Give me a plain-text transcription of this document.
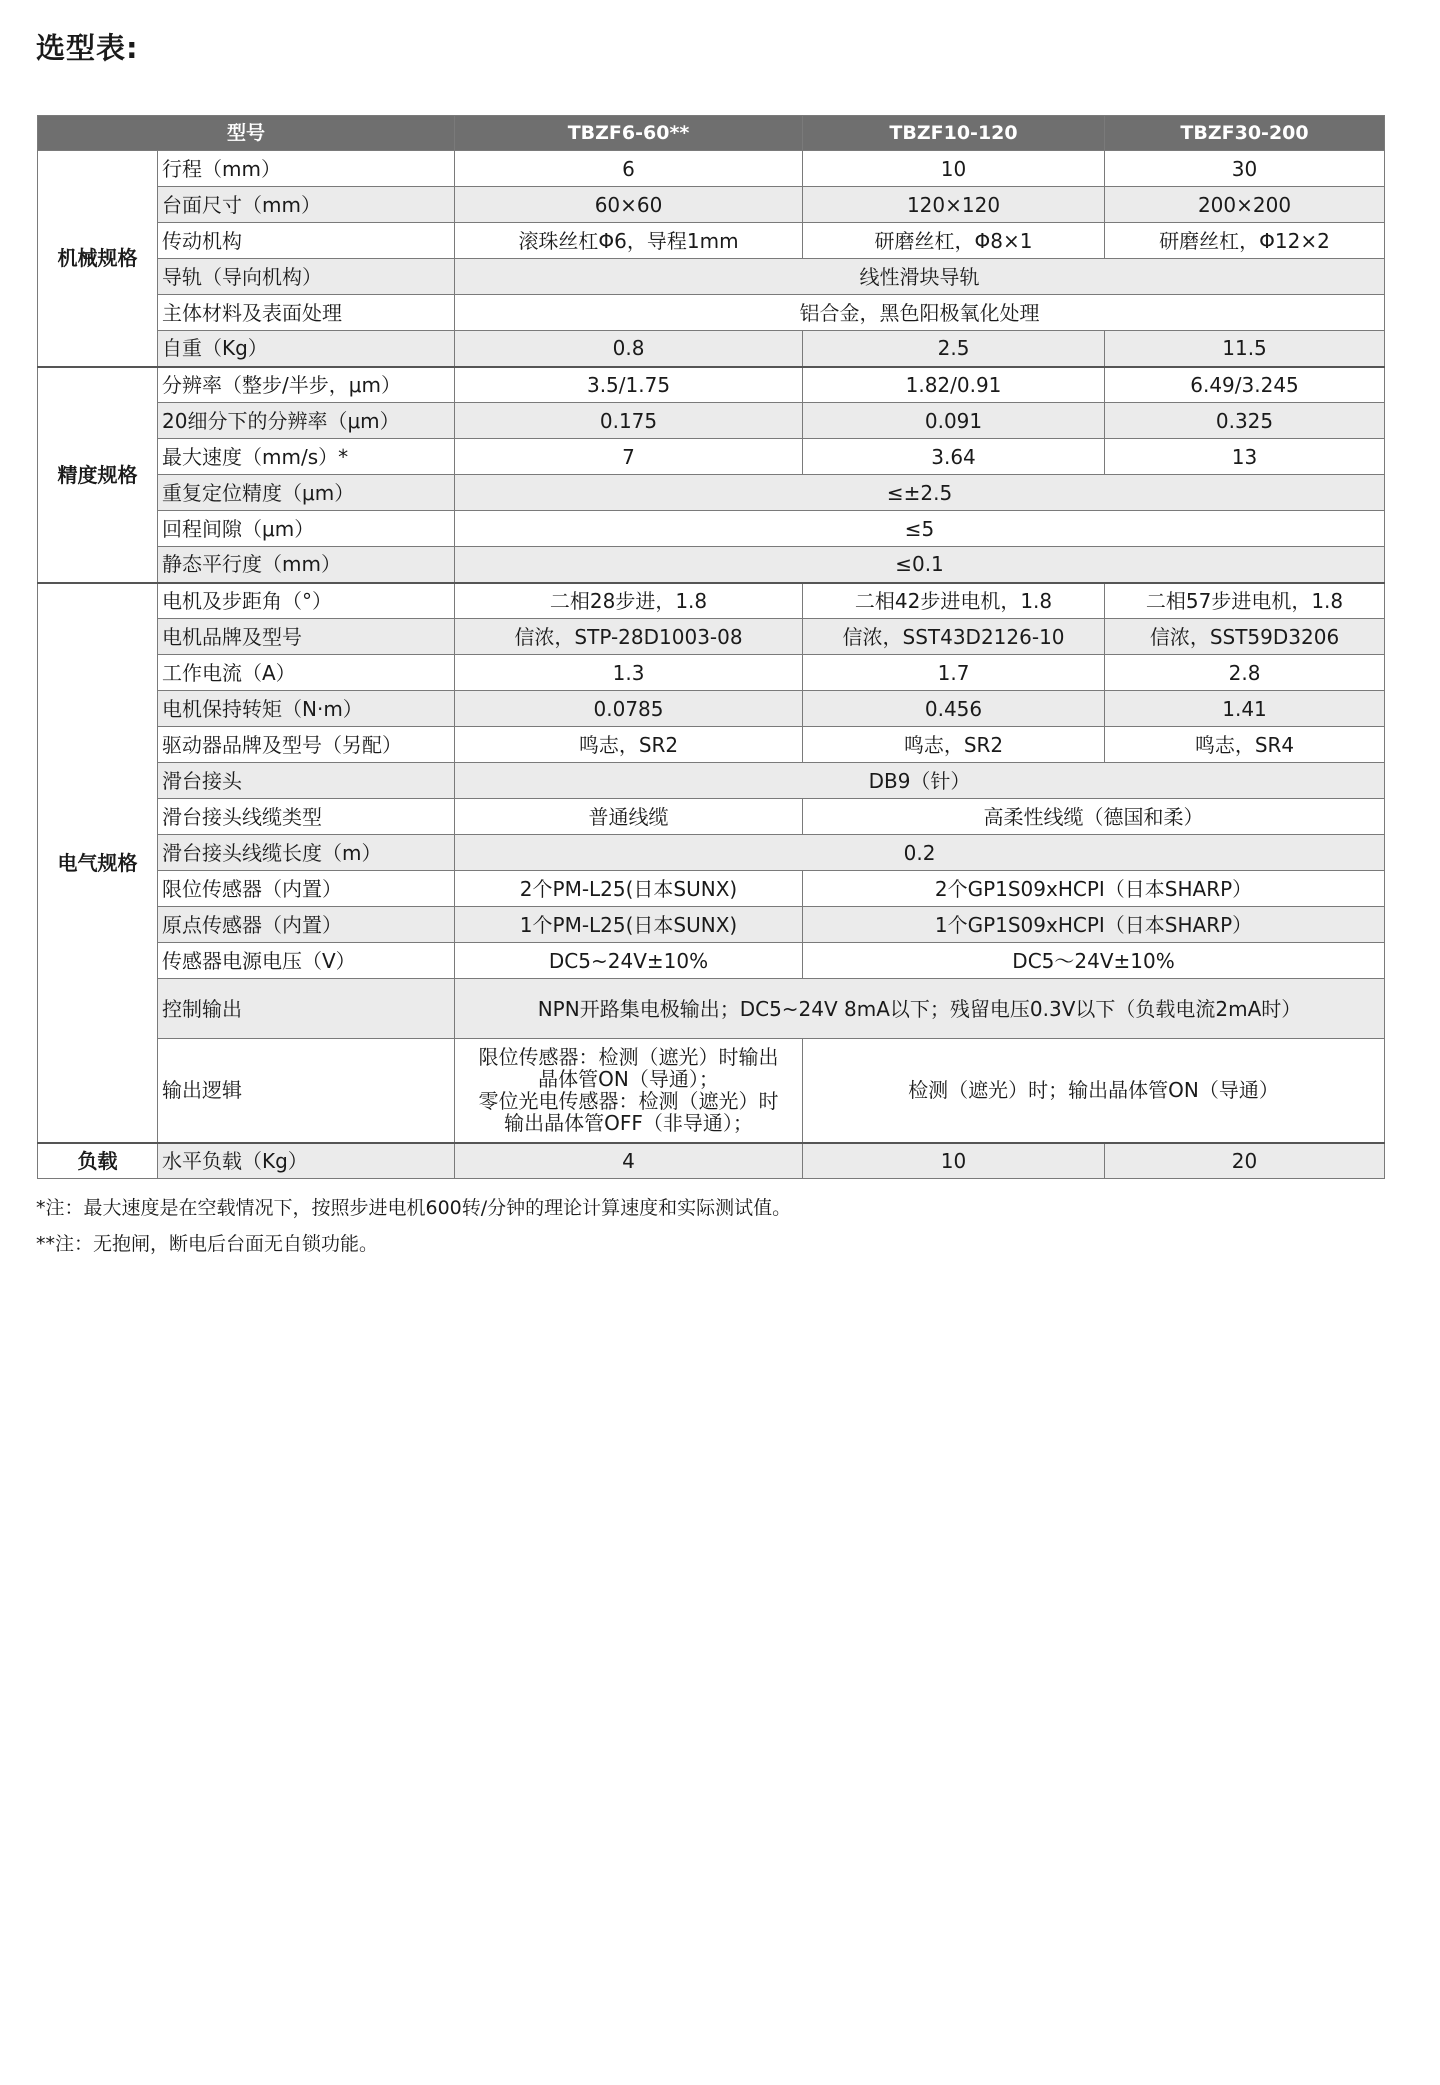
选型表:
型号		TBZF6-60**	TBZF10-120	TBZF30-200
机械规格	行程（mm）	6	10	30
	台面尺寸（mm）	60×60	120×120	200×200
	传动机构	滚珠丝杠Φ6，导程1mm	研磨丝杠，Φ8×1	研磨丝杠，Φ12×2
	导轨（导向机构）	线性滑块导轨		
	主体材料及表面处理	铝合金，黑色阳极氧化处理		
	自重（Kg）	0.8	2.5	11.5
精度规格	分辨率（整步/半步，μm）	3.5/1.75	1.82/0.91	6.49/3.245
	20细分下的分辨率（μm）	0.175	0.091	0.325
	最大速度（mm/s）*	7	3.64	13
	重复定位精度（μm）	≤±2.5		
	回程间隙（μm）	≤5		
	静态平行度（mm）	≤0.1		
电气规格	电机及步距角（°）	二相28步进，1.8	二相42步进电机，1.8	二相57步进电机，1.8
	电机品牌及型号	信浓，STP-28D1003-08	信浓，SST43D2126-10	信浓，SST59D3206
	工作电流（A）	1.3	1.7	2.8
	电机保持转矩（N·m）	0.0785	0.456	1.41
	驱动器品牌及型号（另配）	鸣志，SR2	鸣志，SR2	鸣志，SR4
	滑台接头	DB9（针）		
	滑台接头线缆类型	普通线缆	高柔性线缆（德国和柔）	
	滑台接头线缆长度（m）	0.2		
	限位传感器（内置）	2个PM-L25(日本SUNX)	2个GP1S09xHCPI（日本SHARP）	
	原点传感器（内置）	1个PM-L25(日本SUNX)	1个GP1S09xHCPI（日本SHARP）	
	传感器电源电压（V）	DC5~24V±10%	DC5～24V±10%	
	控制输出	NPN开路集电极输出；DC5~24V 8mA以下；残留电压0.3V以下（负载电流2mA时）		
	输出逻辑	限位传感器：检测（遮光）时输出
晶体管ON（导通）；
零位光电传感器：检测（遮光）时
输出晶体管OFF（非导通）；	检测（遮光）时；输出晶体管ON（导通）	
负载	水平负载（Kg）	4	10	20
*注：最大速度是在空载情况下，按照步进电机600转/分钟的理论计算速度和实际测试值。
**注：无抱闸，断电后台面无自锁功能。
